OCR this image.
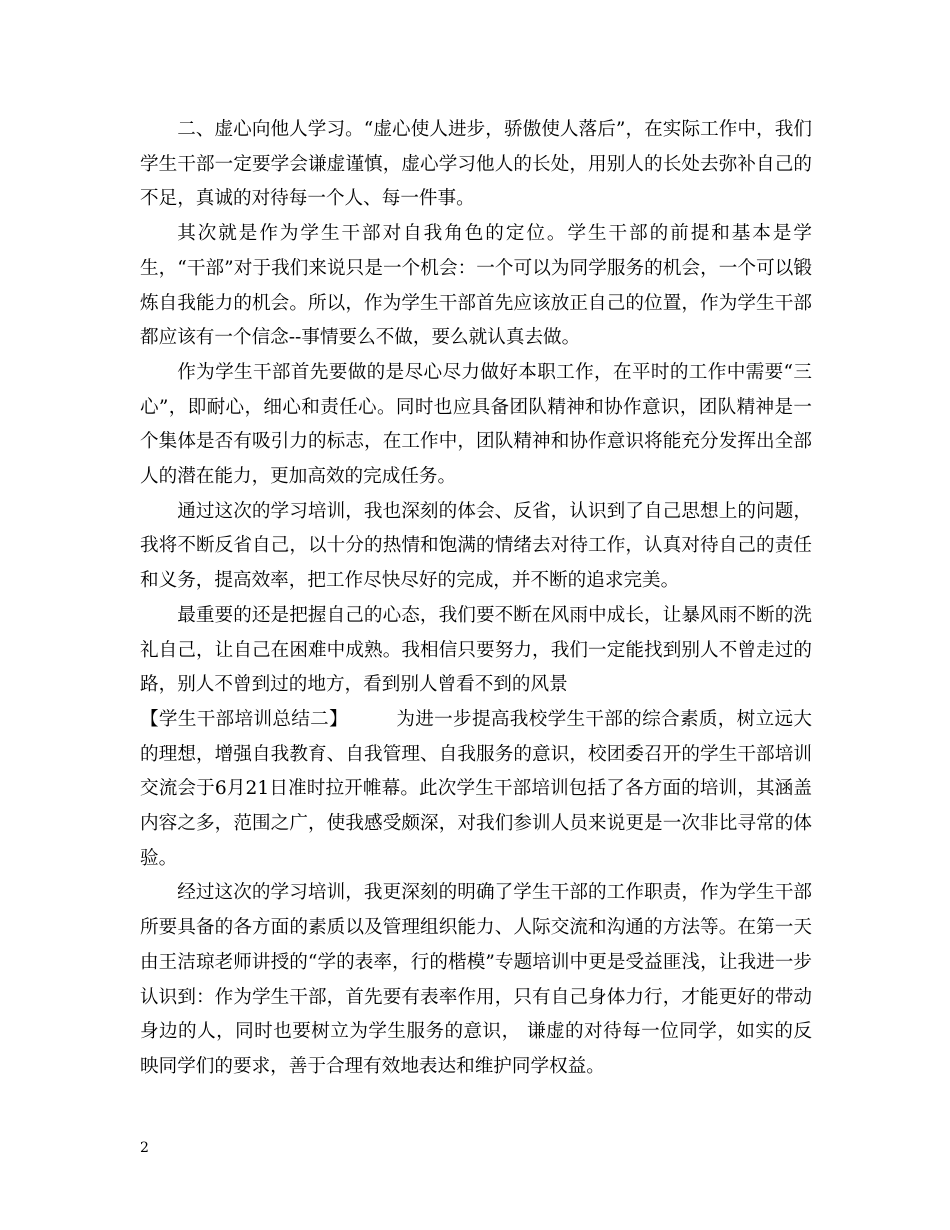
二、虚心向他人学习。“虚心使人进步，骄傲使人落后”，在实际工作中，我们学生干部一定要学会谦虚谨慎，虚心学习他人的长处，用别人的长处去弥补自己的不足，真诚的对待每一个人、每一件事。

其次就是作为学生干部对自我角色的定位。学生干部的前提和基本是学生，“干部”对于我们来说只是一个机会：一个可以为同学服务的机会，一个可以锻炼自我能力的机会。所以，作为学生干部首先应该放正自己的位置，作为学生干部都应该有一个信念--事情要么不做，要么就认真去做。

作为学生干部首先要做的是尽心尽力做好本职工作，在平时的工作中需要“三心”，即耐心，细心和责任心。同时也应具备团队精神和协作意识，团队精神是一个集体是否有吸引力的标志，在工作中，团队精神和协作意识将能充分发挥出全部人的潜在能力，更加高效的完成任务。

通过这次的学习培训，我也深刻的体会、反省，认识到了自己思想上的问题，我将不断反省自己，以十分的热情和饱满的情绪去对待工作，认真对待自己的责任和义务，提高效率，把工作尽快尽好的完成，并不断的追求完美。

最重要的还是把握自己的心态，我们要不断在风雨中成长，让暴风雨不断的洗礼自己，让自己在困难中成熟。我相信只要努力，我们一定能找到别人不曾走过的路，别人不曾到过的地方，看到别人曾看不到的风景

【学生干部培训总结二】	为进一步提高我校学生干部的综合素质，树立远大的理想，增强自我教育、自我管理、自我服务的意识，校团委召开的学生干部培训交流会于6月21日准时拉开帷幕。此次学生干部培训包括了各方面的培训，其涵盖内容之多，范围之广，使我感受颇深，对我们参训人员来说更是一次非比寻常的体验。

经过这次的学习培训，我更深刻的明确了学生干部的工作职责，作为学生干部所要具备的各方面的素质以及管理组织能力、人际交流和沟通的方法等。在第一天由王洁琼老师讲授的“学的表率，行的楷模”专题培训中更是受益匪浅，让我进一步认识到：作为学生干部，首先要有表率作用，只有自己身体力行，才能更好的带动身边的人，同时也要树立为学生服务的意识， 谦虚的对待每一位同学，如实的反映同学们的要求，善于合理有效地表达和维护同学权益。

2
